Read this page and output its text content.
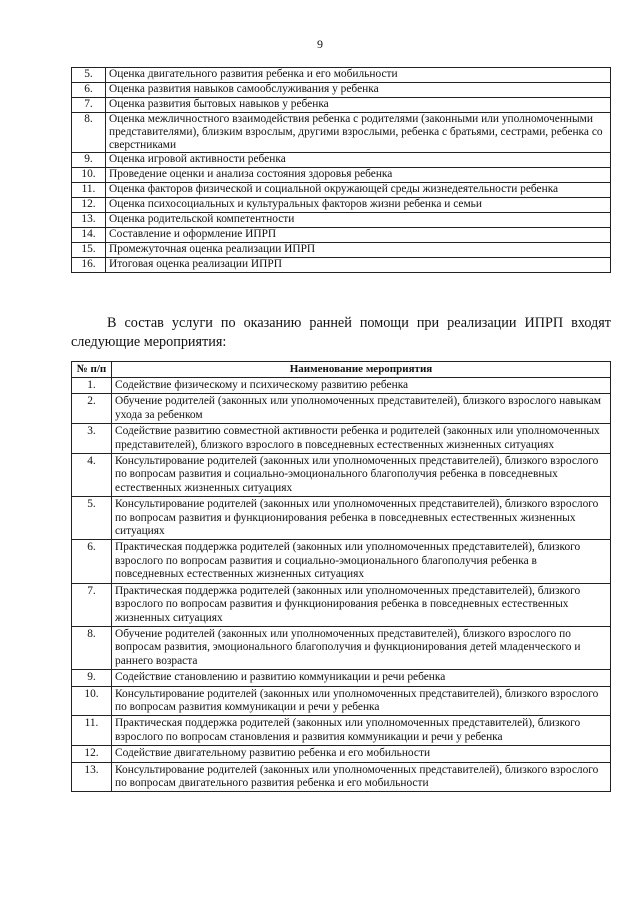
9
5.	Оценка двигательного развития ребенка и его мобильности
6.	Оценка развития навыков самообслуживания у ребенка
7.	Оценка развития бытовых навыков у ребенка
8.	Оценка межличностного взаимодействия ребенка с родителями (законными или уполномоченными представителями), близким взрослым, другими взрослыми, ребенка с братьями, сестрами, ребенка со сверстниками
9.	Оценка игровой активности ребенка
10.	Проведение оценки и анализа состояния здоровья ребенка
11.	Оценка факторов физической и социальной окружающей среды жизнедеятельности ребенка
12.	Оценка психосоциальных и культуральных факторов жизни ребенка и семьи
13.	Оценка родительской компетентности
14.	Составление и оформление ИПРП
15.	Промежуточная оценка реализации ИПРП
16.	Итоговая оценка реализации ИПРП
В состав услуги по оказанию ранней помощи при реализации ИПРП входят
следующие мероприятия:
№ п/п	Наименование мероприятия
1.	Содействие физическому и психическому развитию ребенка
2.	Обучение родителей (законных или уполномоченных представителей), близкого взрослого навыкам ухода за ребенком
3.	Содействие развитию совместной активности ребенка и родителей (законных или уполномоченных представителей), близкого взрослого в повседневных естественных жизненных ситуациях
4.	Консультирование родителей (законных или уполномоченных представителей), близкого взрослого по вопросам развития и социально-эмоционального благополучия ребенка в повседневных естественных жизненных ситуациях
5.	Консультирование родителей (законных или уполномоченных представителей), близкого взрослого по вопросам развития и функционирования ребенка в повседневных естественных жизненных ситуациях
6.	Практическая поддержка родителей (законных или уполномоченных представителей), близкого взрослого по вопросам развития и социально-эмоционального благополучия ребенка в повседневных естественных жизненных ситуациях
7.	Практическая поддержка родителей (законных или уполномоченных представителей), близкого взрослого по вопросам развития и функционирования ребенка в повседневных естественных жизненных ситуациях
8.	Обучение родителей (законных или уполномоченных представителей), близкого взрослого по вопросам развития, эмоционального благополучия и функционирования детей младенческого и раннего возраста
9.	Содействие становлению и развитию коммуникации и речи ребенка
10.	Консультирование родителей (законных или уполномоченных представителей), близкого взрослого по вопросам развития коммуникации и речи у ребенка
11.	Практическая поддержка родителей (законных или уполномоченных представителей), близкого взрослого по вопросам становления и развития коммуникации и речи у ребенка
12.	Содействие двигательному развитию ребенка и его мобильности
13.	Консультирование родителей (законных или уполномоченных представителей), близкого взрослого по вопросам двигательного развития ребенка и его мобильности
